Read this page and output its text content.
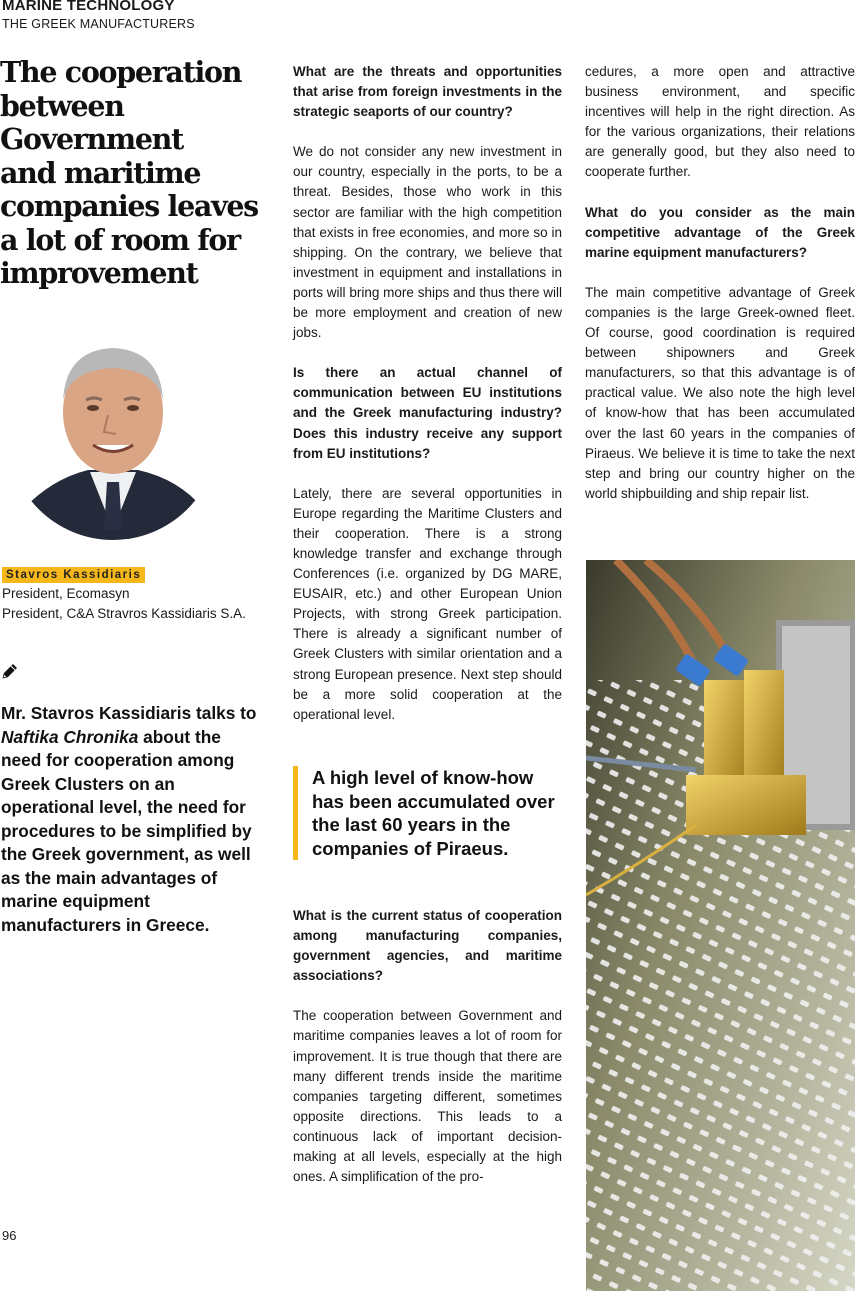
MARINE TECHNOLOGY
THE GREEK MANUFACTURERS
The cooperation
between
Government
and maritime
companies leaves
a lot of room for
improvement
Stavros Kassidiaris
President, Ecomasyn
President, C&A Stravros Kassidiaris S.A.
Mr. Stavros Kassidiaris talks to Naftika Chronika about the need for cooperation among Greek Clusters on an operational level, the need for procedures to be simplified by the Greek government, as well as the main advantages of marine equipment manufacturers in Greece.

What are the threats and opportunities that arise from foreign investments in the strategic seaports of our country?

We do not consider any new investment in our country, especially in the ports, to be a threat. Besides, those who work in this sector are familiar with the high competition that exists in free economies, and more so in shipping. On the contrary, we believe that investment in equipment and installations in ports will bring more ships and thus there will be more employment and creation of new jobs.

Is there an actual channel of communication between EU institutions and the Greek manufacturing industry? Does this industry receive any support from EU institutions?

Lately, there are several opportunities in Europe regarding the Maritime Clusters and their cooperation. There is a strong knowledge transfer and exchange through Conferences (i.e. organized by DG MARE, EUSAIR, etc.) and other European Union Projects, with strong Greek participation. There is already a significant number of Greek Clusters with similar orientation and a strong European presence. Next step should be a more solid cooperation at the operational level.

A high level of know-how has been accumulated over the last 60 years in the companies of Piraeus.

What is the current status of cooperation among manufacturing companies, government agencies, and maritime associations?

The cooperation between Government and maritime companies leaves a lot of room for improvement. It is true though that there are many different trends inside the maritime companies targeting different, sometimes opposite directions. This leads to a continuous lack of important decision-making at all levels, especially at the high ones. A simplification of the pro-

cedures, a more open and attractive business environment, and specific incentives will help in the right direction. As for the various organizations, their relations are generally good, but they also need to cooperate further.

What do you consider as the main competitive advantage of the Greek marine equipment manufacturers?

The main competitive advantage of Greek companies is the large Greek-owned fleet. Of course, good coordination is required between shipowners and Greek manufacturers, so that this advantage is of practical value. We also note the high level of know-how that has been accumulated over the last 60 years in the companies of Piraeus. We believe it is time to take the next step and bring our country higher on the world shipbuilding and ship repair list.

96
